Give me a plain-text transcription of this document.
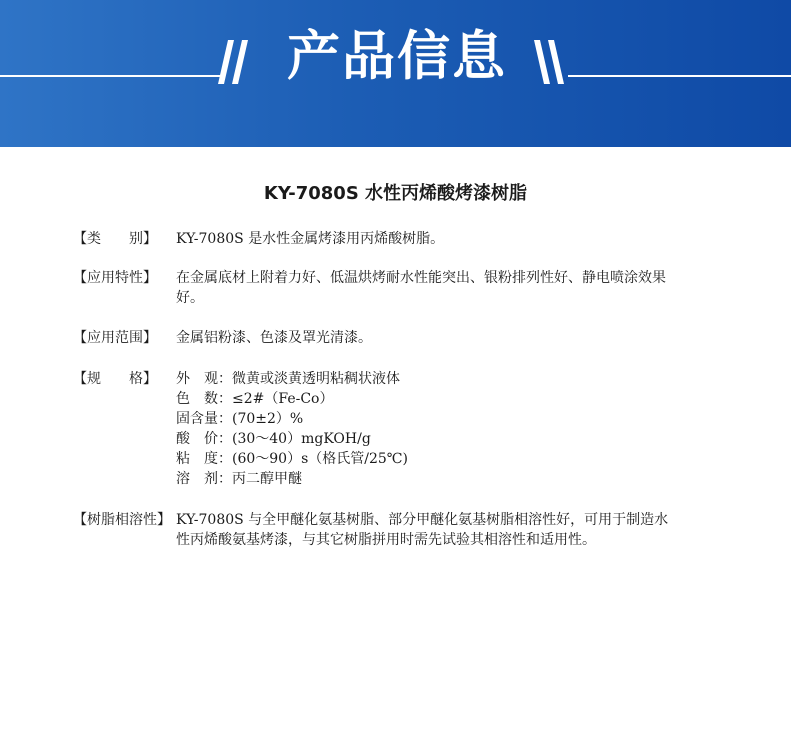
产品信息
KY-7080S 水性丙烯酸烤漆树脂
【类　　别】	KY-7080S 是水性金属烤漆用丙烯酸树脂。
【应用特性】	在金属底材上附着力好、低温烘烤耐水性能突出、银粉排列性好、静电喷涂效果
好。
【应用范围】	金属铝粉漆、色漆及罩光清漆。
【规　　格】	外　观：微黄或淡黄透明粘稠状液体
色　数：≤2#（Fe-Co）
固含量：(70±2）%
酸　价：(30～40）mgKOH/g
粘　度：(60～90）s（格氏管/25℃)
溶　剂：丙二醇甲醚
【树脂相溶性】 KY-7080S 与全甲醚化氨基树脂、部分甲醚化氨基树脂相溶性好，可用于制造水
性丙烯酸氨基烤漆，与其它树脂拼用时需先试验其相溶性和适用性。
